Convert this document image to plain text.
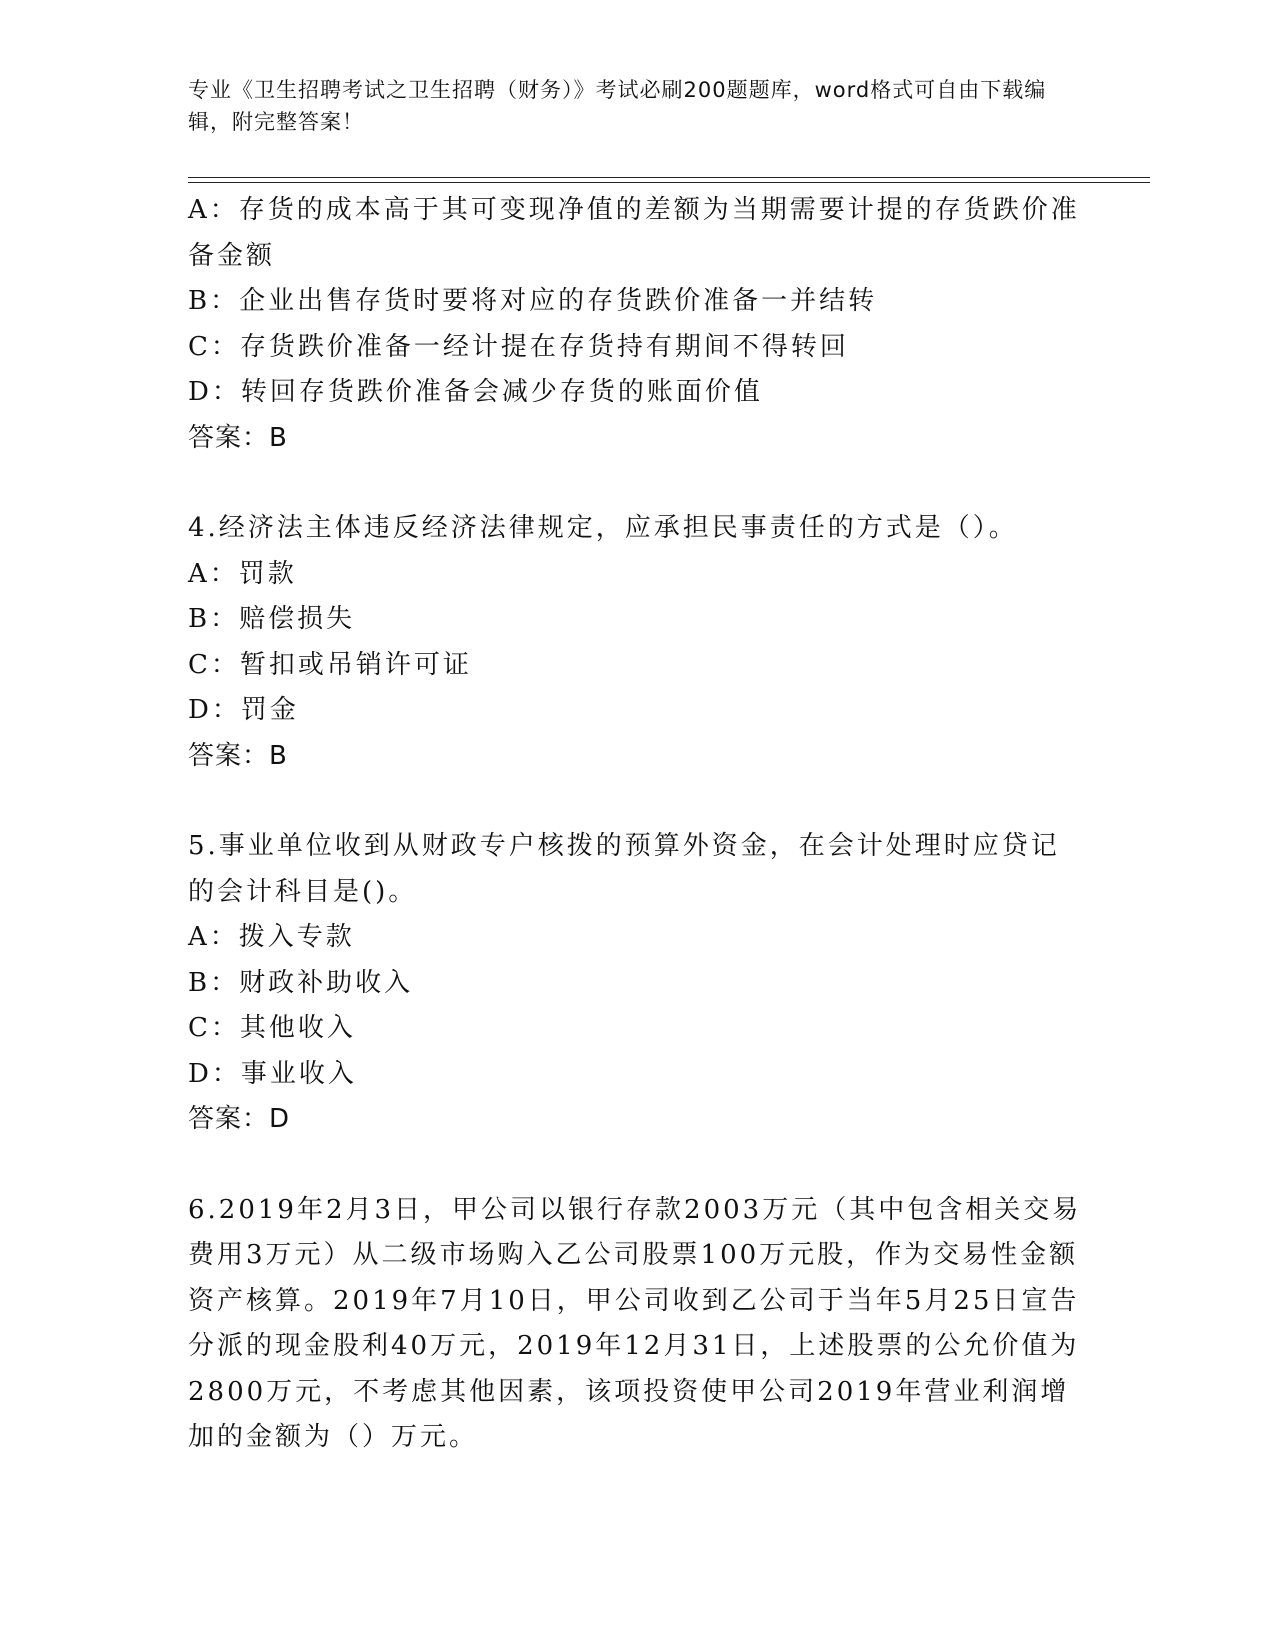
专业《卫生招聘考试之卫生招聘（财务）》考试必刷200题题库，word格式可自由下载编辑，附完整答案！
A：存货的成本高于其可变现净值的差额为当期需要计提的存货跌价准备金额
B：企业出售存货时要将对应的存货跌价准备一并结转
C：存货跌价准备一经计提在存货持有期间不得转回
D：转回存货跌价准备会减少存货的账面价值
答案：B
4.经济法主体违反经济法律规定，应承担民事责任的方式是（）。
A：罚款
B：赔偿损失
C：暂扣或吊销许可证
D：罚金
答案：B
5.事业单位收到从财政专户核拨的预算外资金，在会计处理时应贷记的会计科目是()。
A：拨入专款
B：财政补助收入
C：其他收入
D：事业收入
答案：D
6.2019年2月3日，甲公司以银行存款2003万元（其中包含相关交易费用3万元）从二级市场购入乙公司股票100万元股，作为交易性金额资产核算。2019年7月10日，甲公司收到乙公司于当年5月25日宣告分派的现金股利40万元，2019年12月31日，上述股票的公允价值为2800万元，不考虑其他因素，该项投资使甲公司2019年营业利润增加的金额为（）万元。
